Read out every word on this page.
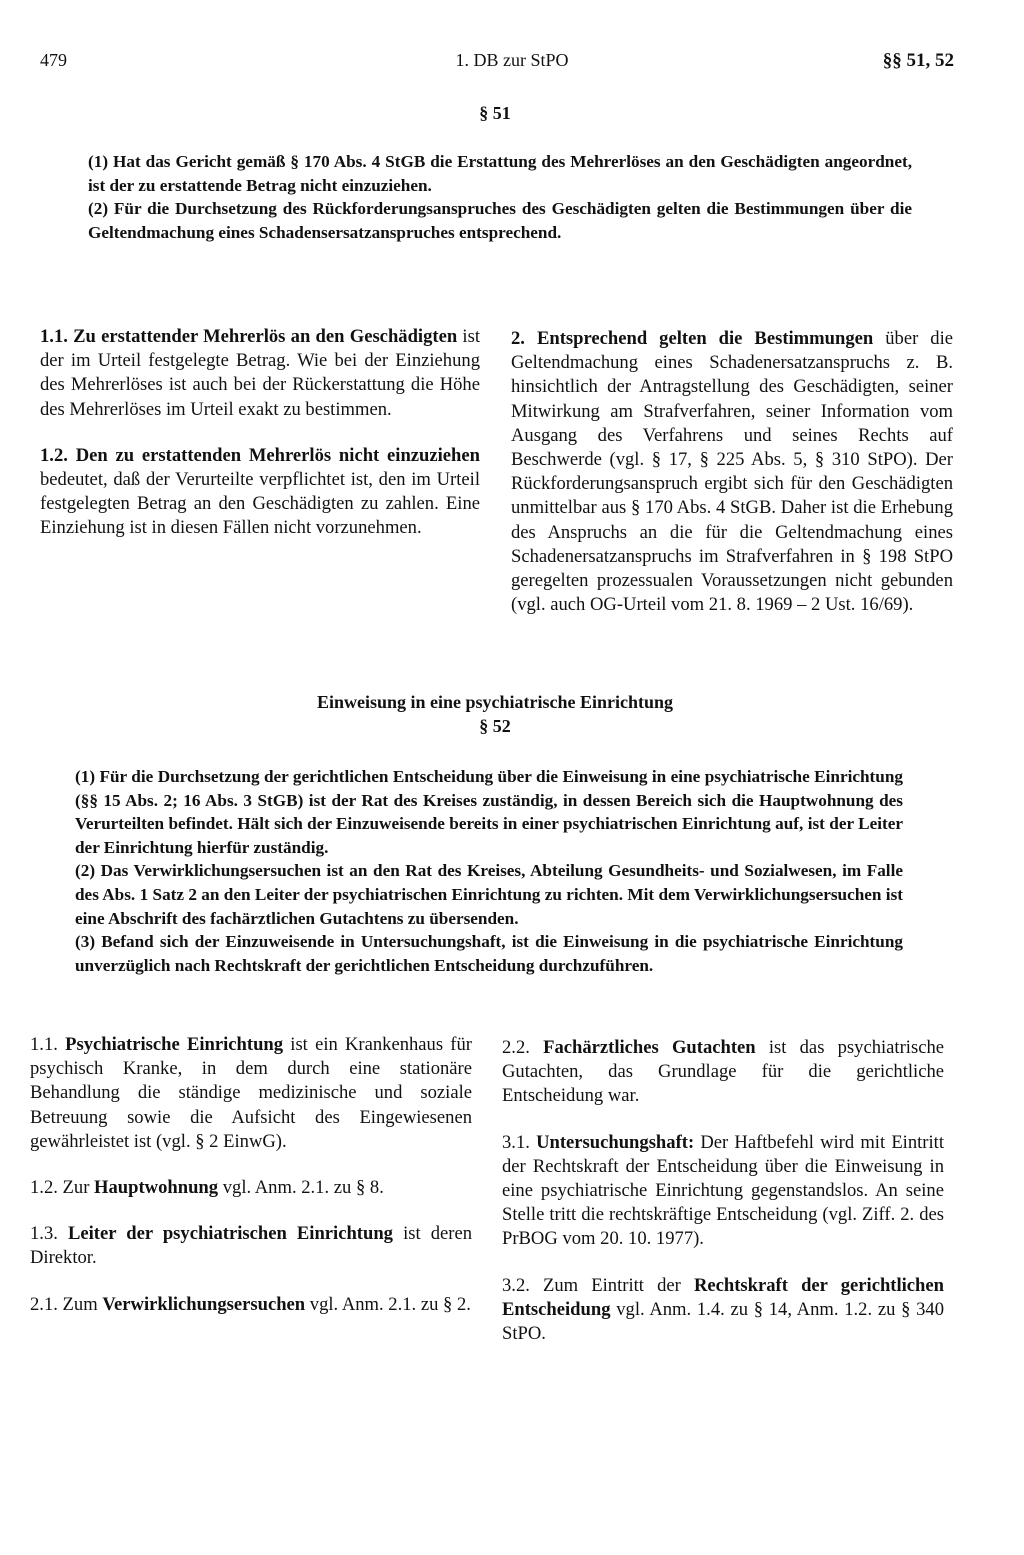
479	1. DB zur StPO	§§ 51, 52
§ 51

(1) Hat das Gericht gemäß § 170 Abs. 4 StGB die Erstattung des Mehrerlöses an den Geschädigten angeordnet, ist der zu erstattende Betrag nicht einzuziehen.

(2) Für die Durchsetzung des Rückforderungsanspruches des Geschädigten gelten die Bestimmungen über die Geltendmachung eines Schadensersatzanspruches entsprechend.

1.1. Zu erstattender Mehrerlös an den Geschädigten ist der im Urteil festgelegte Betrag. Wie bei der Einziehung des Mehrerlöses ist auch bei der Rückerstattung die Höhe des Mehrerlöses im Urteil exakt zu bestimmen.

1.2. Den zu erstattenden Mehrerlös nicht einzuziehen bedeutet, daß der Verurteilte verpflichtet ist, den im Urteil festgelegten Betrag an den Geschädigten zu zahlen. Eine Einziehung ist in diesen Fällen nicht vorzunehmen.

2. Entsprechend gelten die Bestimmungen über die Geltendmachung eines Schadenersatzanspruchs z. B. hinsichtlich der Antragstellung des Geschädigten, seiner Mitwirkung am Strafverfahren, seiner Information vom Ausgang des Verfahrens und seines Rechts auf Beschwerde (vgl. § 17, § 225 Abs. 5, § 310 StPO). Der Rückforderungsanspruch ergibt sich für den Geschädigten unmittelbar aus § 170 Abs. 4 StGB. Daher ist die Erhebung des Anspruchs an die für die Geltendmachung eines Schadenersatzanspruchs im Strafverfahren in § 198 StPO geregelten prozessualen Voraussetzungen nicht gebunden (vgl. auch OG-Urteil vom 21. 8. 1969 – 2 Ust. 16/69).

Einweisung in eine psychiatrische Einrichtung
§ 52

(1) Für die Durchsetzung der gerichtlichen Entscheidung über die Einweisung in eine psychiatrische Einrichtung (§§ 15 Abs. 2; 16 Abs. 3 StGB) ist der Rat des Kreises zuständig, in dessen Bereich sich die Hauptwohnung des Verurteilten befindet. Hält sich der Einzuweisende bereits in einer psychiatrischen Einrichtung auf, ist der Leiter der Einrichtung hierfür zuständig.

(2) Das Verwirklichungsersuchen ist an den Rat des Kreises, Abteilung Gesundheits- und Sozialwesen, im Falle des Abs. 1 Satz 2 an den Leiter der psychiatrischen Einrichtung zu richten. Mit dem Verwirklichungsersuchen ist eine Abschrift des fachärztlichen Gutachtens zu übersenden.

(3) Befand sich der Einzuweisende in Untersuchungshaft, ist die Einweisung in die psychiatrische Einrichtung unverzüglich nach Rechtskraft der gerichtlichen Entscheidung durchzuführen.

1.1. Psychiatrische Einrichtung ist ein Krankenhaus für psychisch Kranke, in dem durch eine stationäre Behandlung die ständige medizinische und soziale Betreuung sowie die Aufsicht des Eingewiesenen gewährleistet ist (vgl. § 2 EinwG).

1.2. Zur Hauptwohnung vgl. Anm. 2.1. zu § 8.

1.3. Leiter der psychiatrischen Einrichtung ist deren Direktor.

2.1. Zum Verwirklichungsersuchen vgl. Anm. 2.1. zu § 2.

2.2. Fachärztliches Gutachten ist das psychiatrische Gutachten, das Grundlage für die gerichtliche Entscheidung war.

3.1. Untersuchungshaft: Der Haftbefehl wird mit Eintritt der Rechtskraft der Entscheidung über die Einweisung in eine psychiatrische Einrichtung gegenstandslos. An seine Stelle tritt die rechtskräftige Entscheidung (vgl. Ziff. 2. des PrBOG vom 20. 10. 1977).

3.2. Zum Eintritt der Rechtskraft der gerichtlichen Entscheidung vgl. Anm. 1.4. zu § 14, Anm. 1.2. zu § 340 StPO.
